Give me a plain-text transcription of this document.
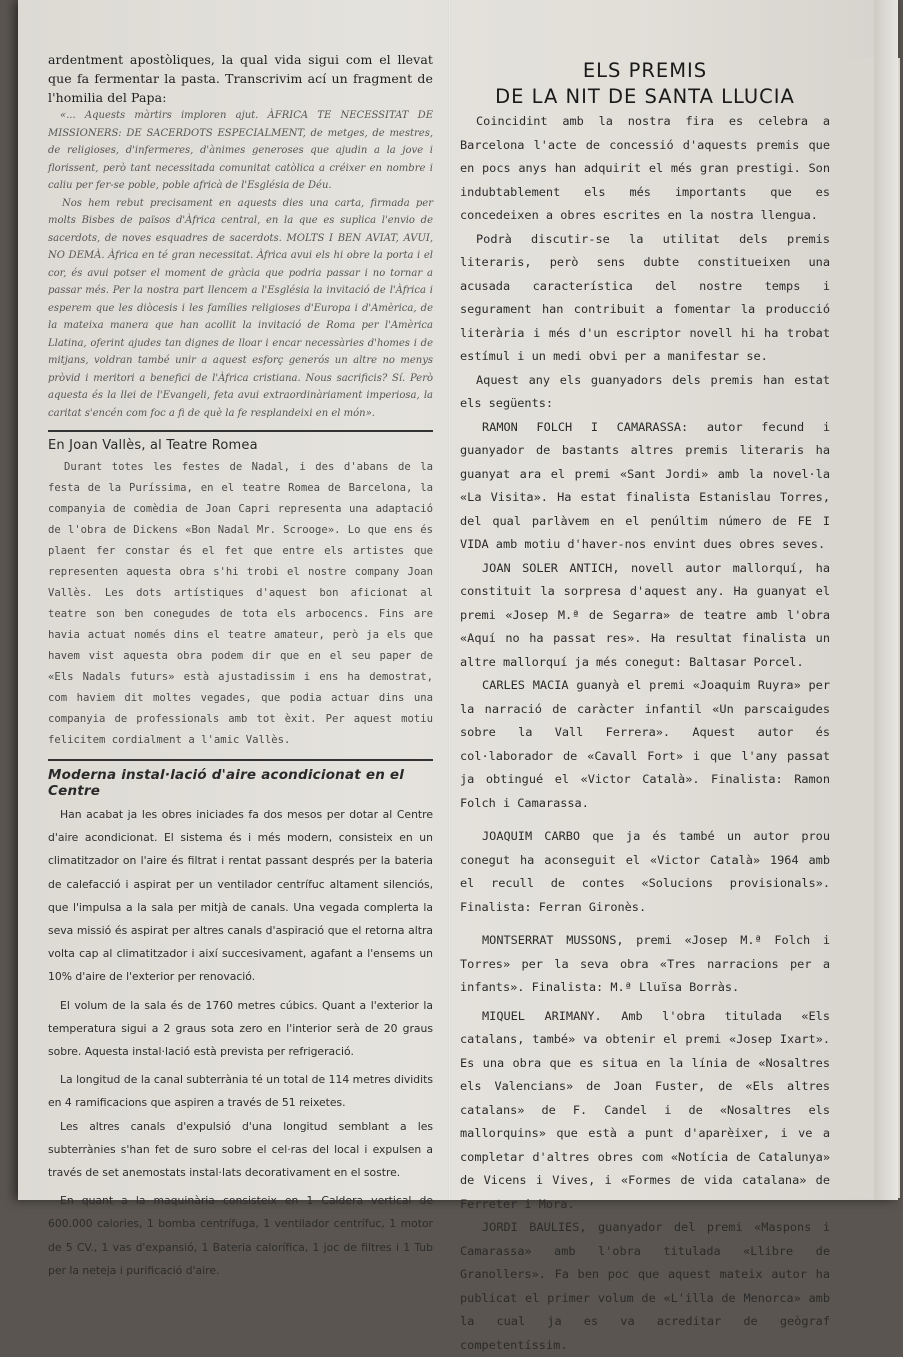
ardentment apostòliques, la qual vida sigui com el llevat que fa fermentar la pasta. Transcrivim ací un fragment de l'homilia del Papa:

«... Aquests màrtirs imploren ajut. ÀFRICA TE NECESSITAT DE MISSIONERS: DE SACERDOTS ESPECIALMENT, de metges, de mestres, de religioses, d'infermeres, d'ànimes generoses que ajudin a la jove i florissent, però tant necessitada comunitat catòlica a créixer en nombre i caliu per fer-se poble, poble africà de l'Església de Déu.

Nos hem rebut precisament en aquests dies una carta, firmada per molts Bisbes de països d'Àfrica central, en la que es suplica l'envio de sacerdots, de noves esquadres de sacerdots. MOLTS I BEN AVIAT, AVUI, NO DEMÀ. Àfrica en té gran necessitat. Àfrica avui els hi obre la porta i el cor, és avui potser el moment de gràcia que podria passar i no tornar a passar més. Per la nostra part llencem a l'Església la invitació de l'Àfrica i esperem que les diòcesis i les famílies religioses d'Europa i d'Amèrica, de la mateixa manera que han acollit la invitació de Roma per l'Amèrica Llatina, oferint ajudes tan dignes de lloar i encar necessàries d'homes i de mitjans, voldran també unir a aquest esforç generós un altre no menys pròvid i meritori a benefici de l'Àfrica cristiana. Nous sacrificis? Sí. Però aquesta és la llei de l'Evangeli, feta avui extraordinàriament imperiosa, la caritat s'encén com foc a fi de què la fe resplandeixi en el món».

En Joan Vallès, al Teatre Romea

Durant totes les festes de Nadal, i des d'abans de la festa de la Puríssima, en el teatre Romea de Barcelona, la companyia de comèdia de Joan Capri representa una adaptació de l'obra de Dickens «Bon Nadal Mr. Scrooge». Lo que ens és plaent fer constar és el fet que entre els artistes que representen aquesta obra s'hi trobi el nostre company Joan Vallès. Les dots artístiques d'aquest bon aficionat al teatre son ben conegudes de tota els arbocencs. Fins are havia actuat només dins el teatre amateur, però ja els que havem vist aquesta obra podem dir que en el seu paper de «Els Nadals futurs» està ajustadissim i ens ha demostrat, com haviem dit moltes vegades, que podia actuar dins una companyia de professionals amb tot èxit. Per aquest motiu felicitem cordialment a l'amic Vallès.

Moderna instal·lació d'aire acondicionat en el Centre

Han acabat ja les obres iniciades fa dos mesos per dotar al Centre d'aire acondicionat. El sistema és i més modern, consisteix en un climatitzador on l'aire és filtrat i rentat passant després per la bateria de calefacció i aspirat per un ventilador centrífuc altament silenciós, que l'impulsa a la sala per mitjà de canals. Una vegada complerta la seva missió és aspirat per altres canals d'aspiració que el retorna altra volta cap al climatitzador i així succesivament, agafant a l'ensems un 10% d'aire de l'exterior per renovació.

El volum de la sala és de 1760 metres cúbics. Quant a l'exterior la temperatura sigui a 2 graus sota zero en l'interior serà de 20 graus sobre. Aquesta instal·lació està prevista per refrigeració.

La longitud de la canal subterrània té un total de 114 metres dividits en 4 ramificacions que aspiren a través de 51 reixetes.

Les altres canals d'expulsió d'una longitud semblant a les subterrànies s'han fet de suro sobre el cel·ras del local i expulsen a través de set anemostats instal·lats decorativament en el sostre.

En quant a la maquinària consisteix en 1 Caldera vertical de 600.000 calories, 1 bomba centrífuga, 1 ventilador centrífuc, 1 motor de 5 CV., 1 vas d'expansió, 1 Bateria calorífica, 1 joc de filtres i 1 Tub per la neteja i purificació d'aire.

ELS PREMIS

DE LA NIT DE SANTA LLUCIA

Coincidint amb la nostra fira es celebra a Barcelona l'acte de concessió d'aquests premis que en pocs anys han adquirit el més gran prestigi. Son indubtablement els més importants que es concedeixen a obres escrites en la nostra llengua.

Podrà discutir-se la utilitat dels premis literaris, però sens dubte constitueixen una acusada característica del nostre temps i segurament han contribuit a fomentar la producció literària i més d'un escriptor novell hi ha trobat estímul i un medi obvi per a manifestar se.

Aquest any els guanyadors dels premis han estat els següents:

RAMON FOLCH I CAMARASSA: autor fecund i guanyador de bastants altres premis literaris ha guanyat ara el premi «Sant Jordi» amb la novel·la «La Visita». Ha estat finalista Estanislau Torres, del qual parlàvem en el penúltim número de FE I VIDA amb motiu d'haver-nos envint dues obres seves.

JOAN SOLER ANTICH, novell autor mallorquí, ha constituit la sorpresa d'aquest any. Ha guanyat el premi «Josep M.ª de Segarra» de teatre amb l'obra «Aquí no ha passat res». Ha resultat finalista un altre mallorquí ja més conegut: Baltasar Porcel.

CARLES MACIA guanyà el premi «Joaquim Ruyra» per la narració de caràcter infantil «Un parscaigudes sobre la Vall Ferrera». Aquest autor és col·laborador de «Cavall Fort» i que l'any passat ja obtingué el «Victor Català». Finalista: Ramon Folch i Camarassa.

JOAQUIM CARBO que ja és també un autor prou conegut ha aconseguit el «Victor Català» 1964 amb el recull de contes «Solucions provisionals». Finalista: Ferran Gironès.

MONTSERRAT MUSSONS, premi «Josep M.ª Folch i Torres» per la seva obra «Tres narracions per a infants». Finalista: M.ª Lluïsa Borràs.

MIQUEL ARIMANY. Amb l'obra titulada «Els catalans, també» va obtenir el premi «Josep Ixart». Es una obra que es situa en la línia de «Nosaltres els Valencians» de Joan Fuster, de «Els altres catalans» de F. Candel i de «Nosaltres els mallorquins» que està a punt d'aparèixer, i ve a completar d'altres obres com «Notícia de Catalunya» de Vicens i Vives, i «Formes de vida catalana» de Ferreter i Mora.

JORDI BAULIES, guanyador del premi «Maspons i Camarassa» amb l'obra titulada «Llibre de Granollers». Fa ben poc que aquest mateix autor ha publicat el primer volum de «L'illa de Menorca» amb la cual ja es va acreditar de geògraf competentíssim.
